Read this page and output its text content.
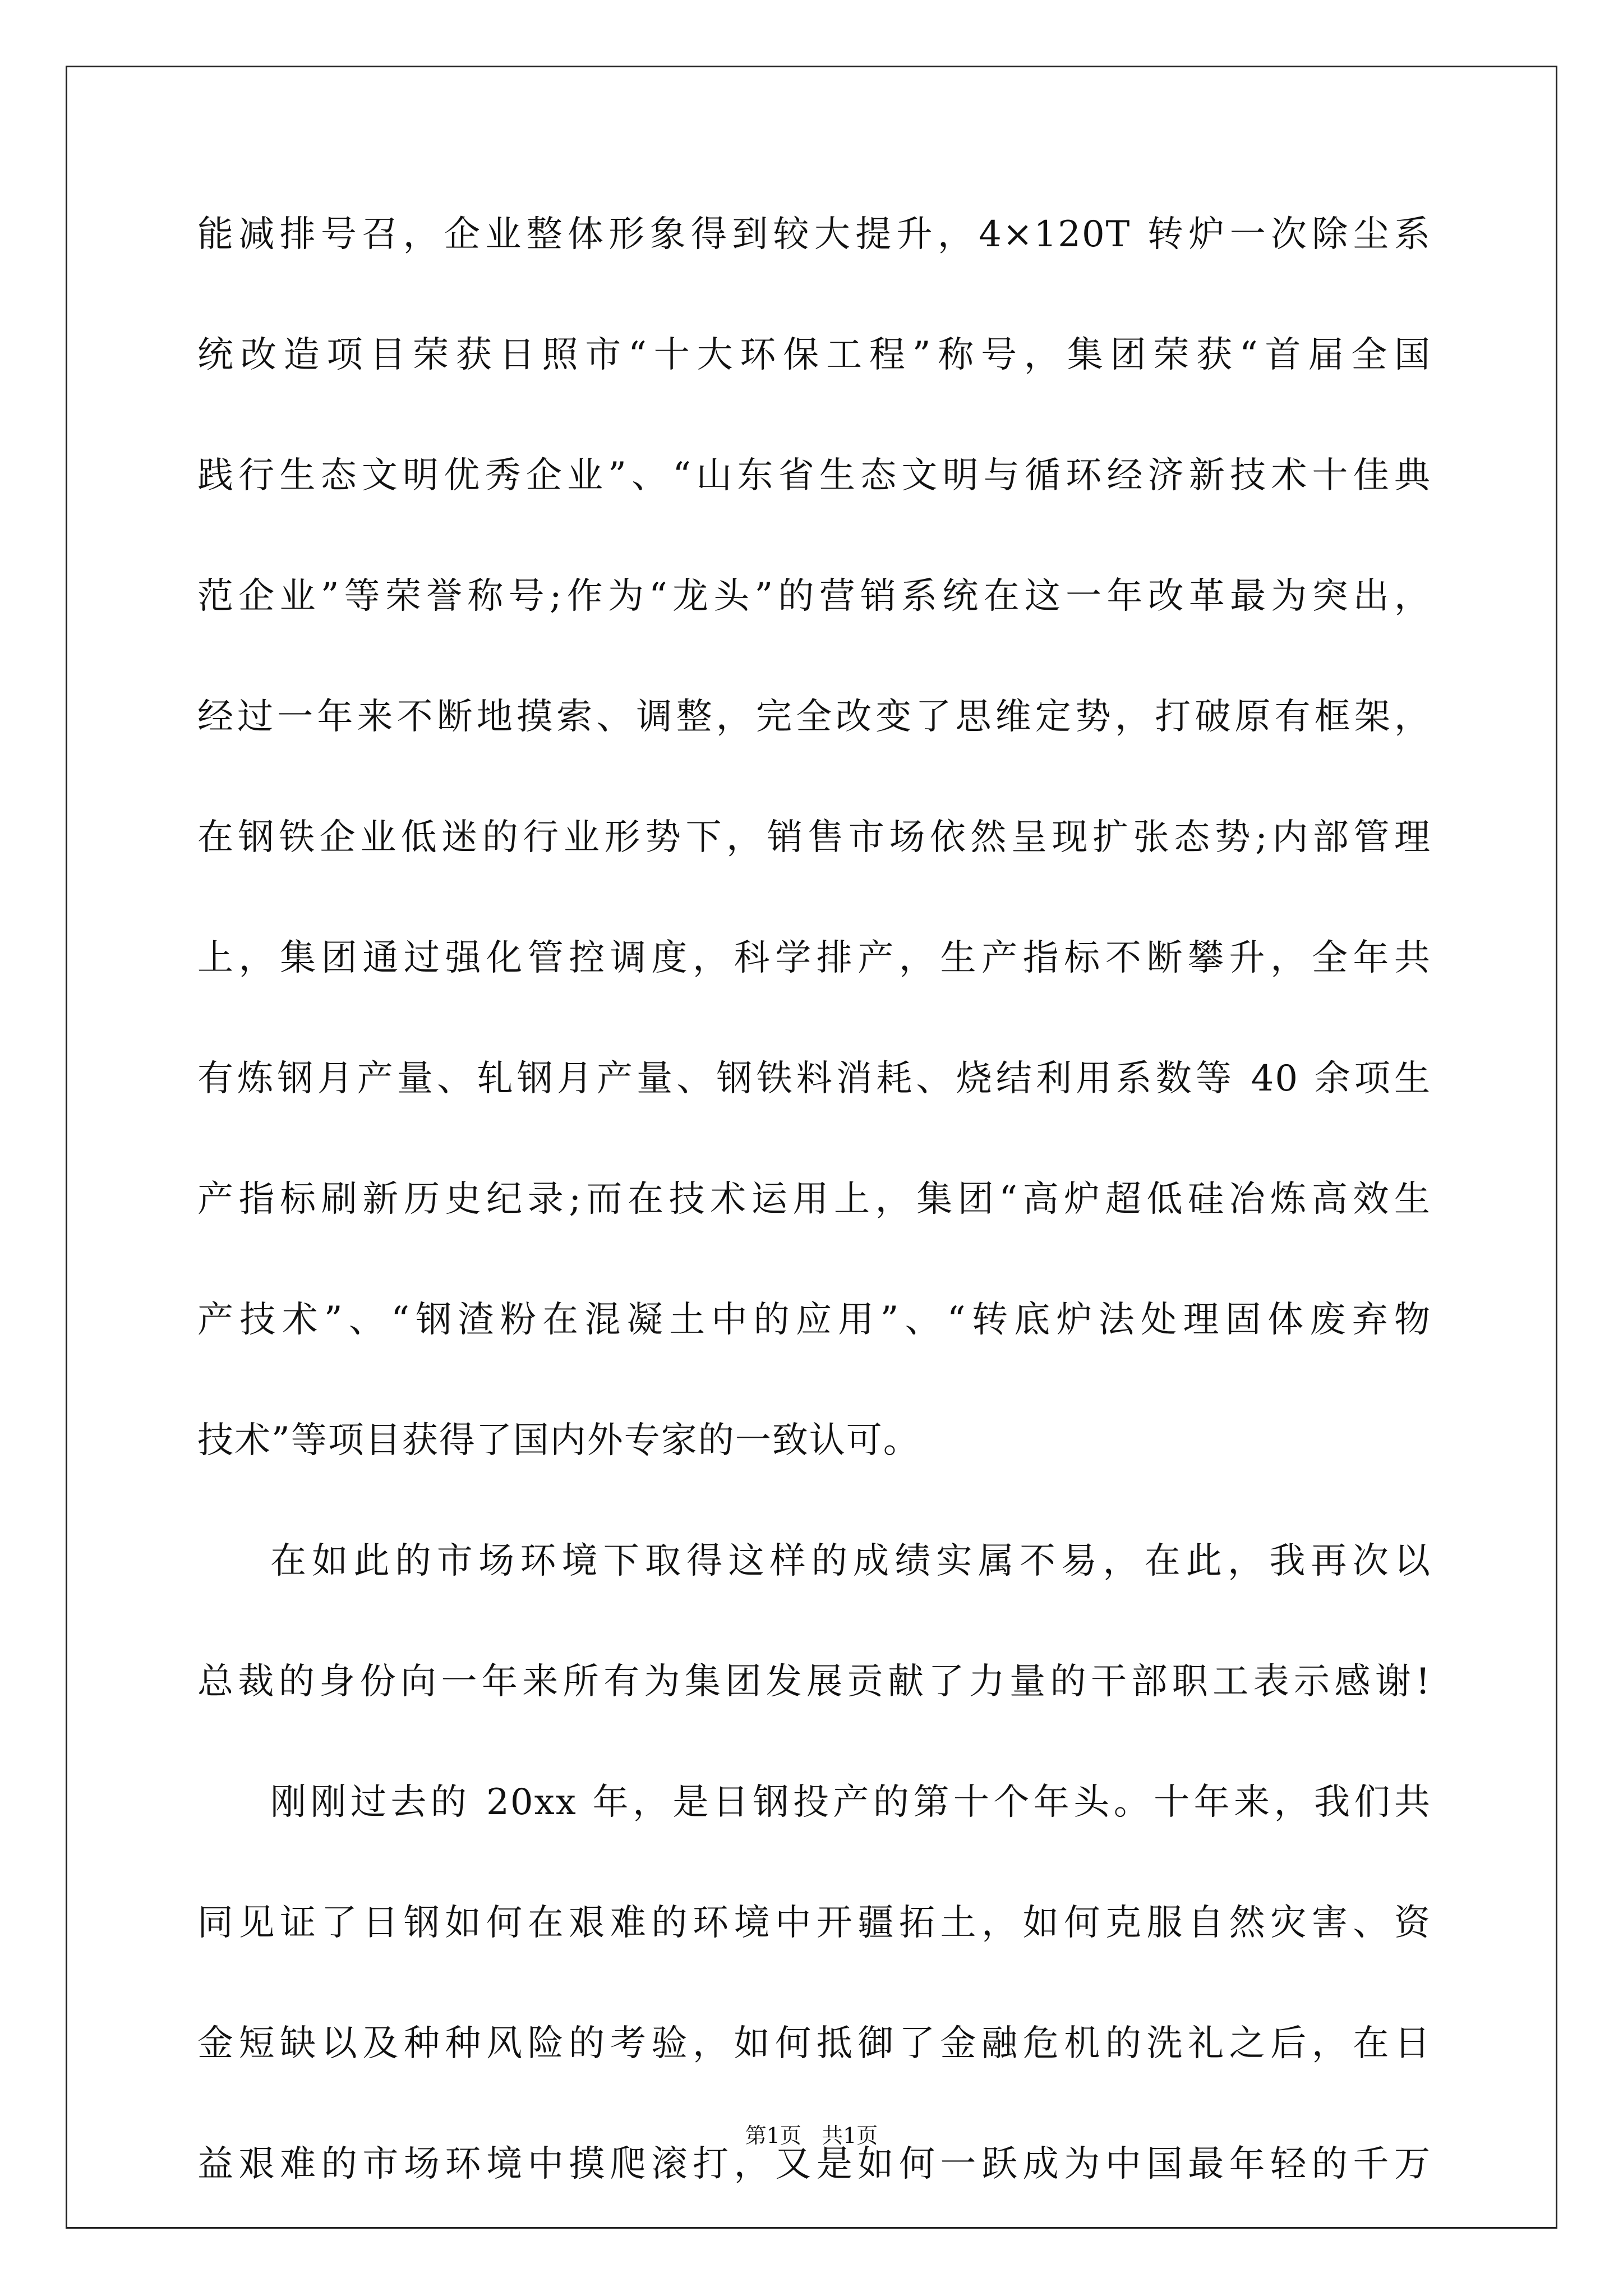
能减排号召，企业整体形象得到较大提升，4×120T 转炉一次除尘系
统改造项目荣获日照市“十大环保工程”称号，集团荣获“首届全国
践行生态文明优秀企业”、“山东省生态文明与循环经济新技术十佳典
范企业”等荣誉称号;作为“龙头”的营销系统在这一年改革最为突出，
经过一年来不断地摸索、调整，完全改变了思维定势，打破原有框架，
在钢铁企业低迷的行业形势下，销售市场依然呈现扩张态势;内部管理
上，集团通过强化管控调度，科学排产，生产指标不断攀升，全年共
有炼钢月产量、轧钢月产量、钢铁料消耗、烧结利用系数等 40 余项生
产指标刷新历史纪录;而在技术运用上，集团“高炉超低硅冶炼高效生
产技术”、“钢渣粉在混凝土中的应用”、“转底炉法处理固体废弃物
技术”等项目获得了国内外专家的一致认可。
在如此的市场环境下取得这样的成绩实属不易，在此，我再次以
总裁的身份向一年来所有为集团发展贡献了力量的干部职工表示感谢!
刚刚过去的 20xx 年，是日钢投产的第十个年头。十年来，我们共
同见证了日钢如何在艰难的环境中开疆拓土，如何克服自然灾害、资
金短缺以及种种风险的考验，如何抵御了金融危机的洗礼之后，在日
益艰难的市场环境中摸爬滚打，又是如何一跃成为中国最年轻的千万
第1页   共1页
